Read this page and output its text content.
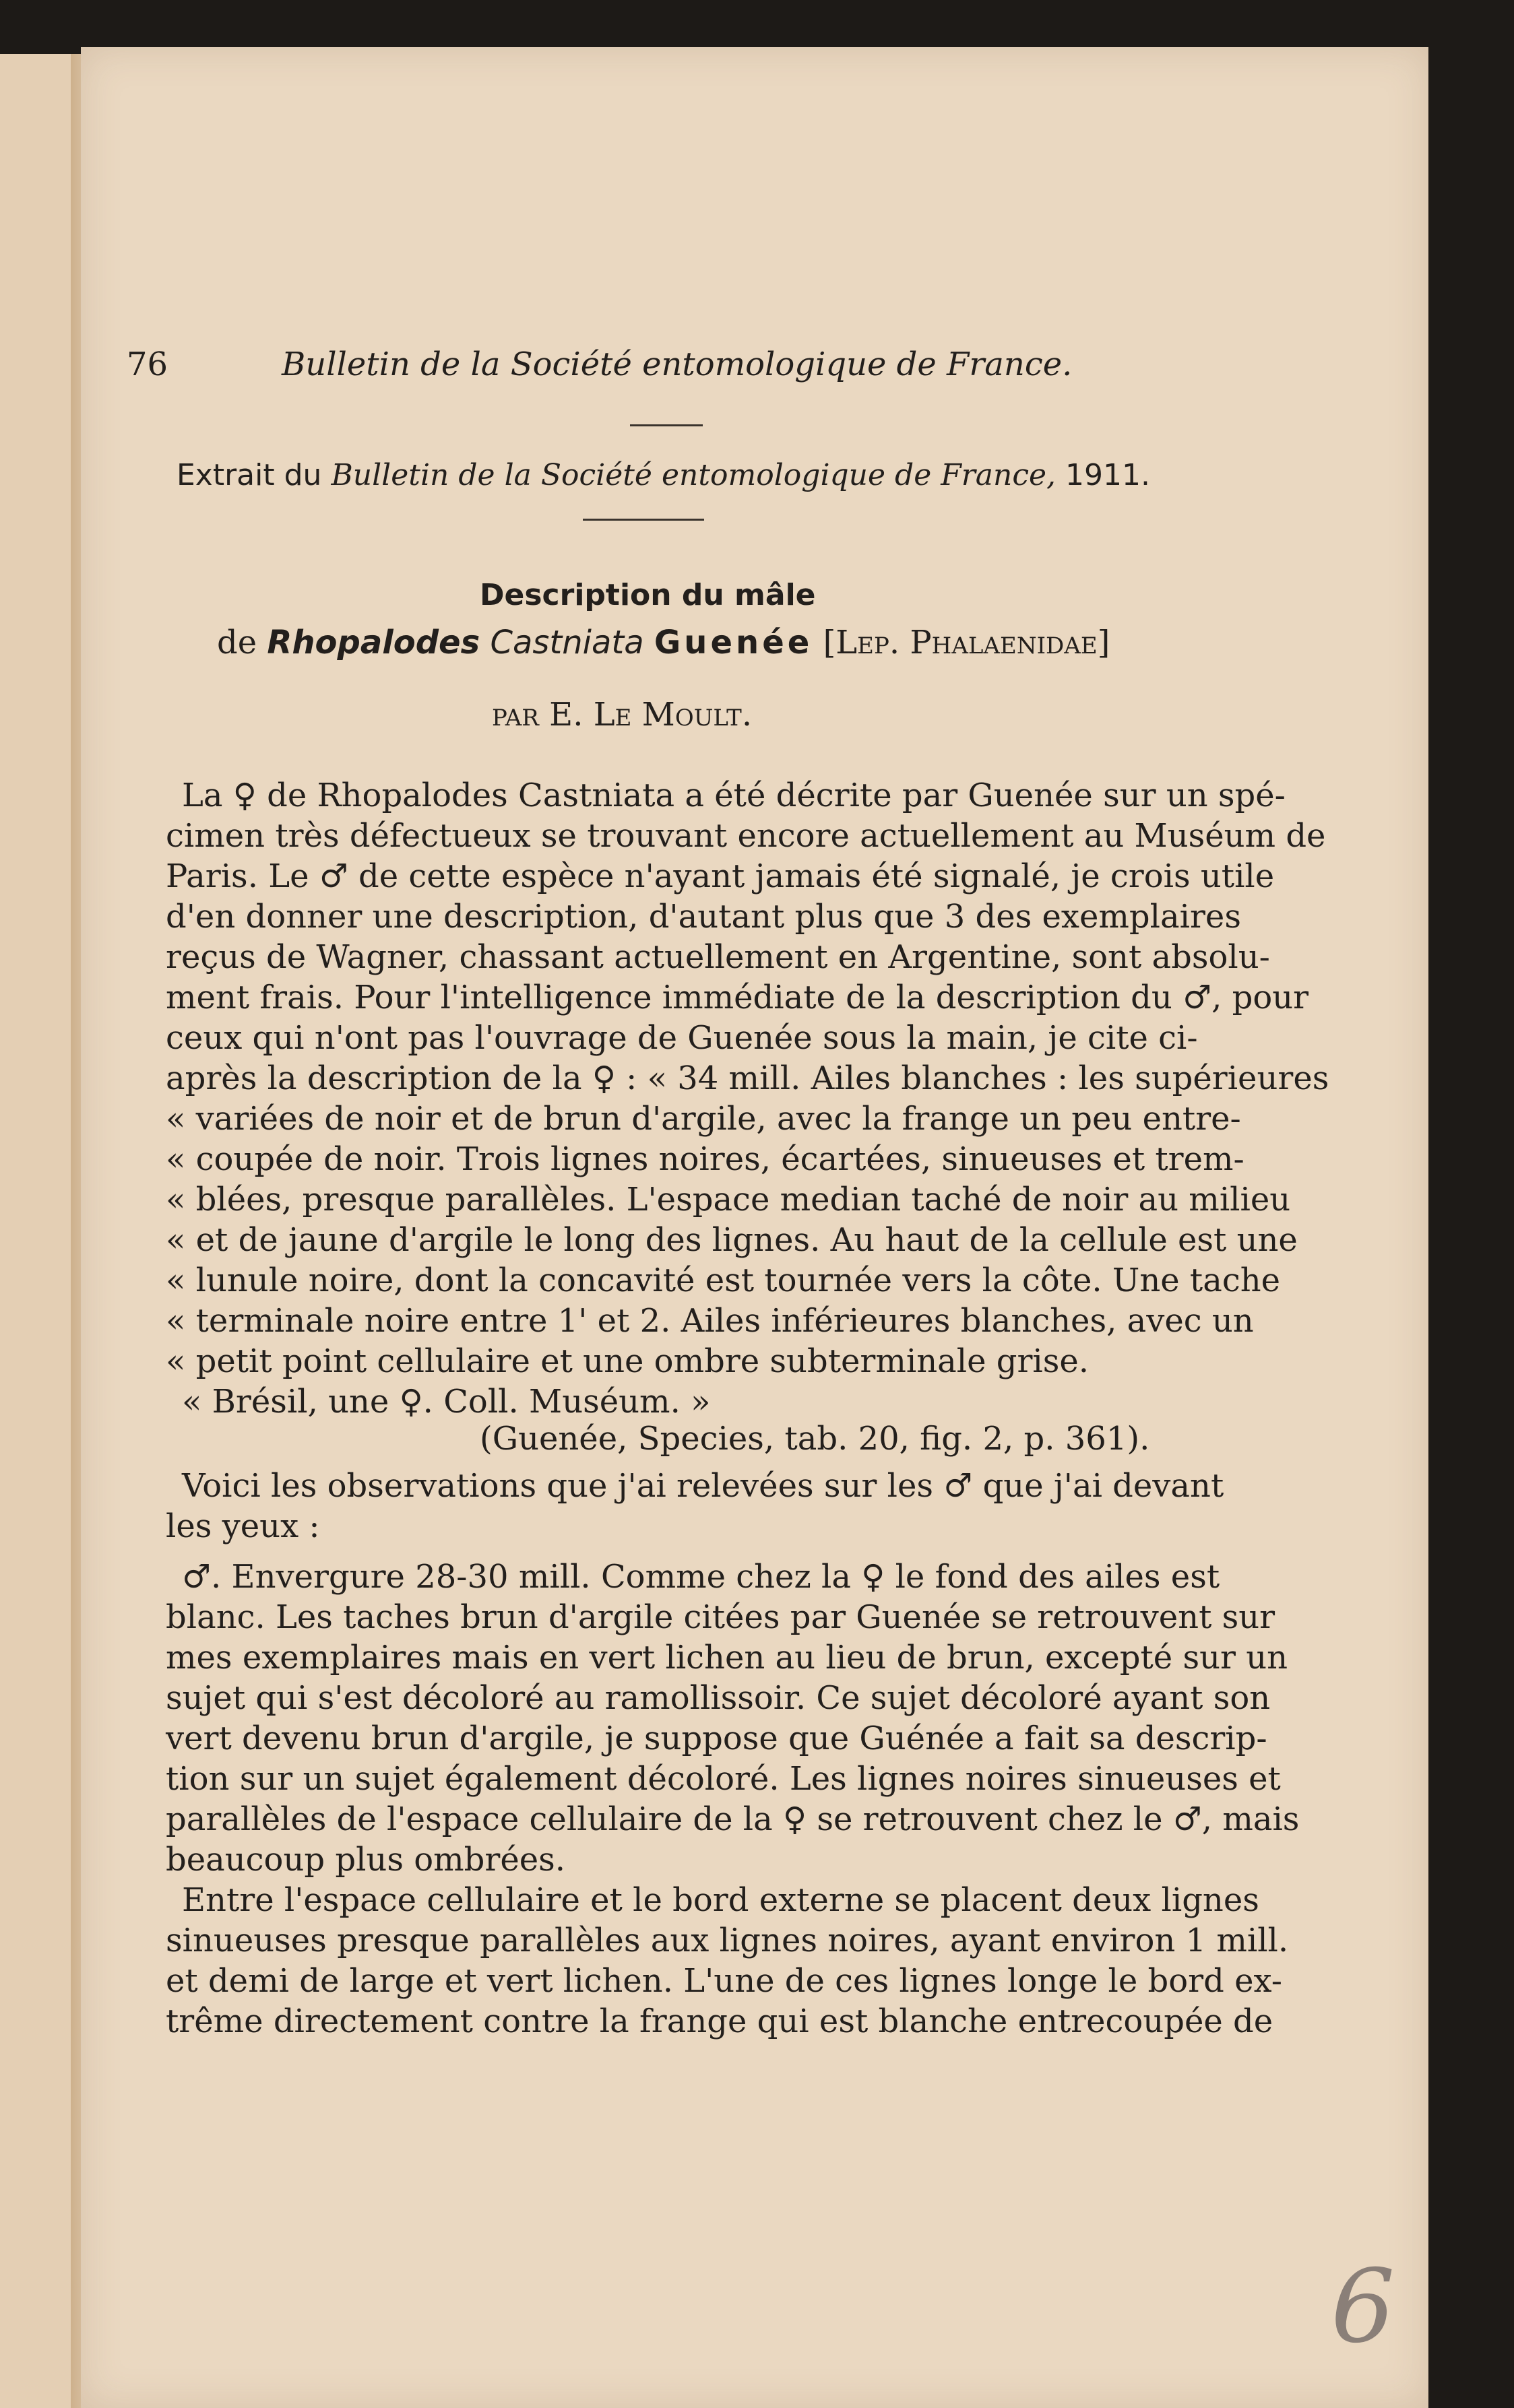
76	Bulletin de la Société entomologique de France.
Extrait du Bulletin de la Société entomologique de France, 1911.
Description du mâle
de Rhopalodes Castniata Guenée [Lep. Phalaenidae]
par E. Le Moult.
La ♀ de Rhopalodes Castniata a été décrite par Guenée sur un spé-
cimen très défectueux se trouvant encore actuellement au Muséum de
Paris. Le ♂ de cette espèce n'ayant jamais été signalé, je crois utile
d'en donner une description, d'autant plus que 3 des exemplaires
reçus de Wagner, chassant actuellement en Argentine, sont absolu-
ment frais. Pour l'intelligence immédiate de la description du ♂, pour
ceux qui n'ont pas l'ouvrage de Guenée sous la main, je cite ci-
après la description de la ♀ : « 34 mill. Ailes blanches : les supérieures
« variées de noir et de brun d'argile, avec la frange un peu entre-
« coupée de noir. Trois lignes noires, écartées, sinueuses et trem-
« blées, presque parallèles. L'espace median taché de noir au milieu
« et de jaune d'argile le long des lignes. Au haut de la cellule est une
« lunule noire, dont la concavité est tournée vers la côte. Une tache
« terminale noire entre 1' et 2. Ailes inférieures blanches, avec un
« petit point cellulaire et une ombre subterminale grise.
« Brésil, une ♀. Coll. Muséum. »
(Guenée, Species, tab. 20, fig. 2, p. 361).
Voici les observations que j'ai relevées sur les ♂ que j'ai devant
les yeux :
♂. Envergure 28-30 mill. Comme chez la ♀ le fond des ailes est
blanc. Les taches brun d'argile citées par Guenée se retrouvent sur
mes exemplaires mais en vert lichen au lieu de brun, excepté sur un
sujet qui s'est décoloré au ramollissoir. Ce sujet décoloré ayant son
vert devenu brun d'argile, je suppose que Guénée a fait sa descrip-
tion sur un sujet également décoloré. Les lignes noires sinueuses et
parallèles de l'espace cellulaire de la ♀ se retrouvent chez le ♂, mais
beaucoup plus ombrées.
Entre l'espace cellulaire et le bord externe se placent deux lignes
sinueuses presque parallèles aux lignes noires, ayant environ 1 mill.
et demi de large et vert lichen. L'une de ces lignes longe le bord ex-
trême directement contre la frange qui est blanche entrecoupée de
6
